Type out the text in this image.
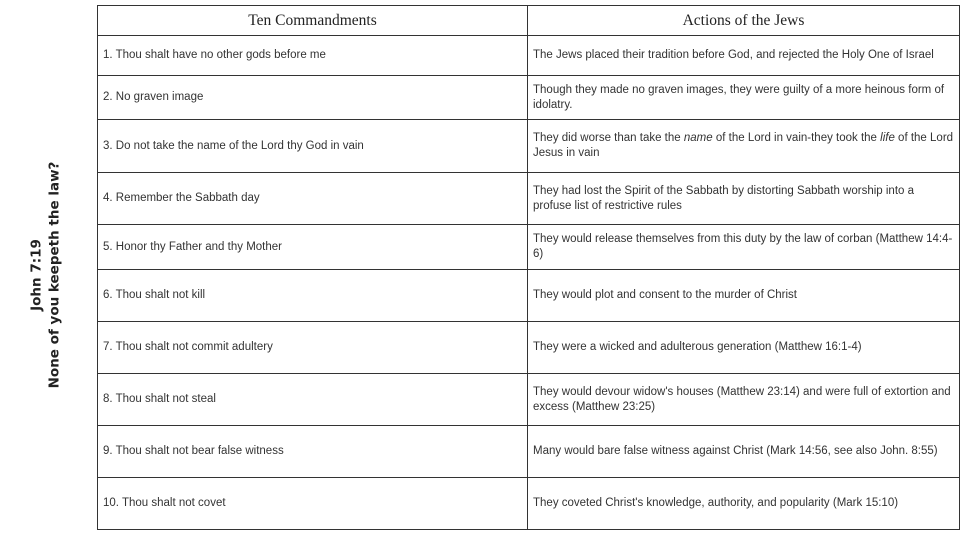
John 7:19 None of you keepeth the law?
Ten Commandments	Actions of the Jews
1. Thou shalt have no other gods before me	The Jews placed their tradition before God, and rejected the Holy One of Israel
2. No graven image	Though they made no graven images, they were guilty of a more heinous form of idolatry.
3. Do not take the name of the Lord thy God in vain	They did worse than take the name of the Lord in vain-they took the life of the Lord Jesus in vain
4. Remember the Sabbath day	They had lost the Spirit of the Sabbath by distorting Sabbath worship into a profuse list of restrictive rules
5. Honor thy Father and thy Mother	They would release themselves from this duty by the law of corban (Matthew 14:4-6)
6. Thou shalt not kill	They would plot and consent to the murder of Christ
7. Thou shalt not commit adultery	They were a wicked and adulterous generation (Matthew 16:1-4)
8. Thou shalt not steal	They would devour widow's houses (Matthew 23:14) and were full of extortion and excess (Matthew 23:25)
9. Thou shalt not bear false witness	Many would bare false witness against Christ (Mark 14:56, see also John. 8:55)
10. Thou shalt not covet	They coveted Christ's knowledge, authority, and popularity (Mark 15:10)
